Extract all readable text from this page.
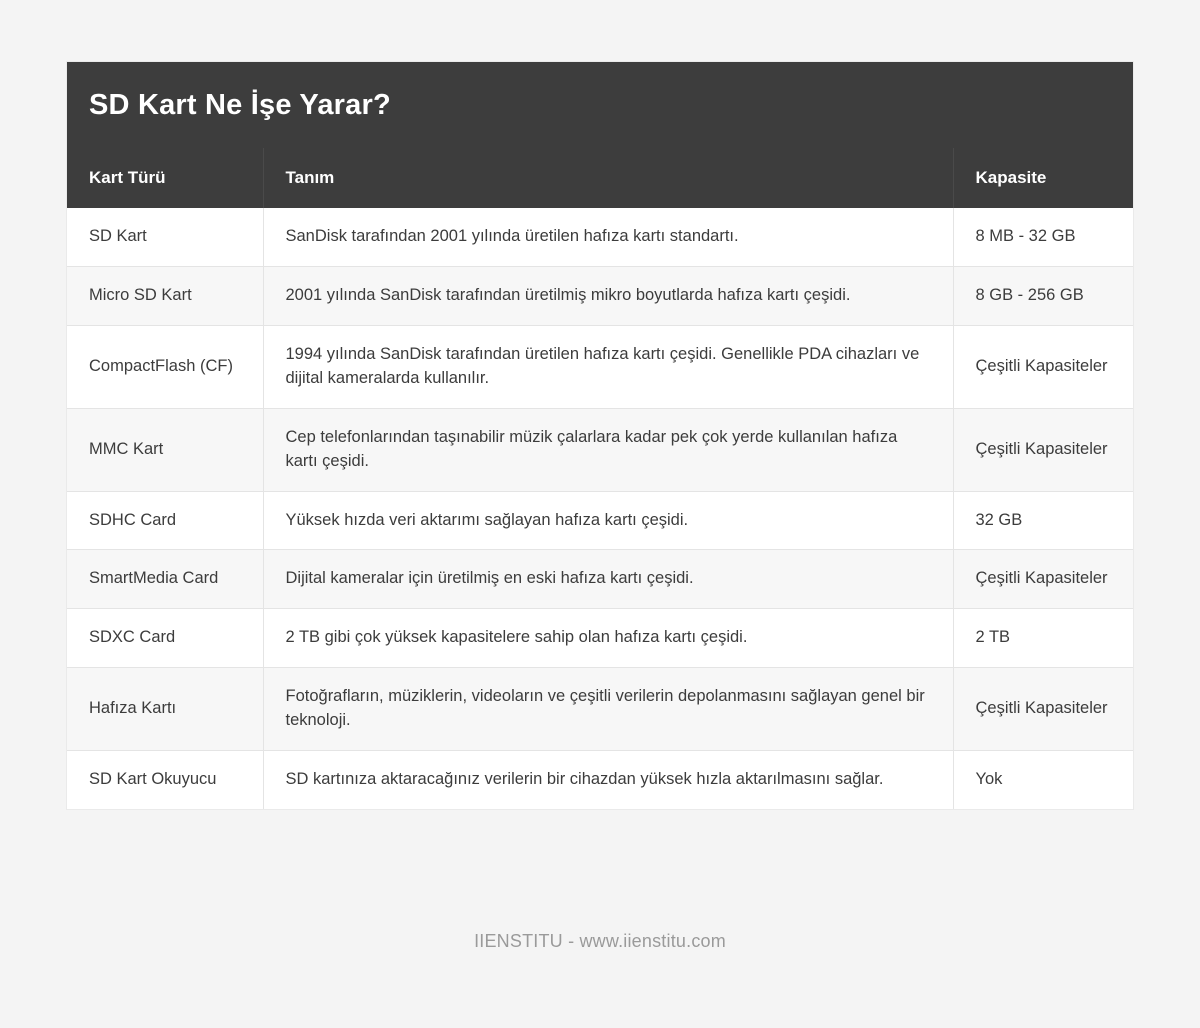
SD Kart Ne İşe Yarar?
Kart Türü	Tanım	Kapasite
SD Kart	SanDisk tarafından 2001 yılında üretilen hafıza kartı standartı.	8 MB - 32 GB
Micro SD Kart	2001 yılında SanDisk tarafından üretilmiş mikro boyutlarda hafıza kartı çeşidi.	8 GB - 256 GB
CompactFlash (CF)	1994 yılında SanDisk tarafından üretilen hafıza kartı çeşidi. Genellikle PDA cihazları ve dijital kameralarda kullanılır.	Çeşitli Kapasiteler
MMC Kart	Cep telefonlarından taşınabilir müzik çalarlara kadar pek çok yerde kullanılan hafıza kartı çeşidi.	Çeşitli Kapasiteler
SDHC Card	Yüksek hızda veri aktarımı sağlayan hafıza kartı çeşidi.	32 GB
SmartMedia Card	Dijital kameralar için üretilmiş en eski hafıza kartı çeşidi.	Çeşitli Kapasiteler
SDXC Card	2 TB gibi çok yüksek kapasitelere sahip olan hafıza kartı çeşidi.	2 TB
Hafıza Kartı	Fotoğrafların, müziklerin, videoların ve çeşitli verilerin depolanmasını sağlayan genel bir teknoloji.	Çeşitli Kapasiteler
SD Kart Okuyucu	SD kartınıza aktaracağınız verilerin bir cihazdan yüksek hızla aktarılmasını sağlar.	Yok
IIENSTITU - www.iienstitu.com
